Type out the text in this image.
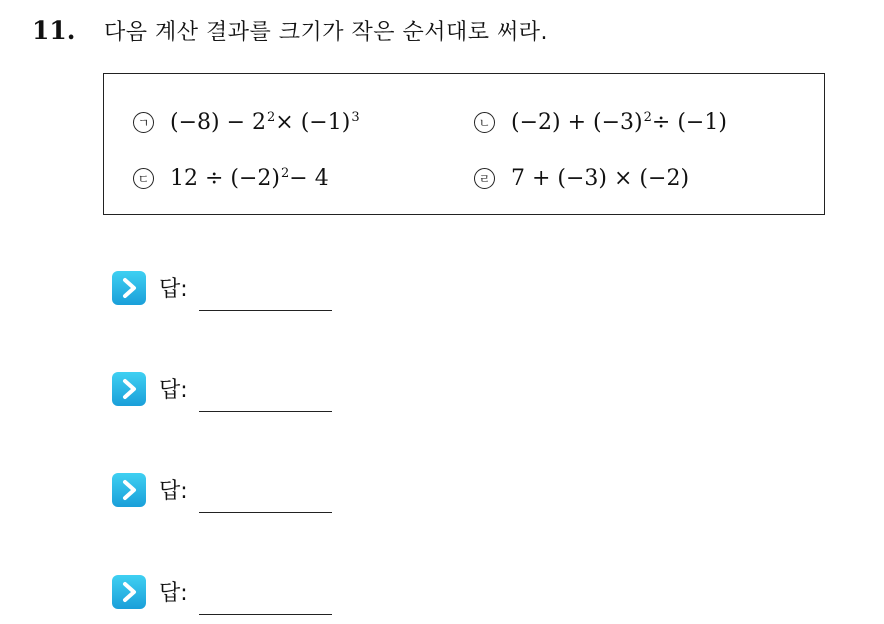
11.	다음 계산 결과를 크기가 작은 순서대로 써라.
ㄱ $(-8) - 2^2 \times (-1)^3$	ㄴ $(-2) + (-3)^2 \div (-1)$
ㄷ $12 \div (-2)^2 - 4$	ㄹ 7 + (−3) × (−2)
답:
답:
답:
답:
